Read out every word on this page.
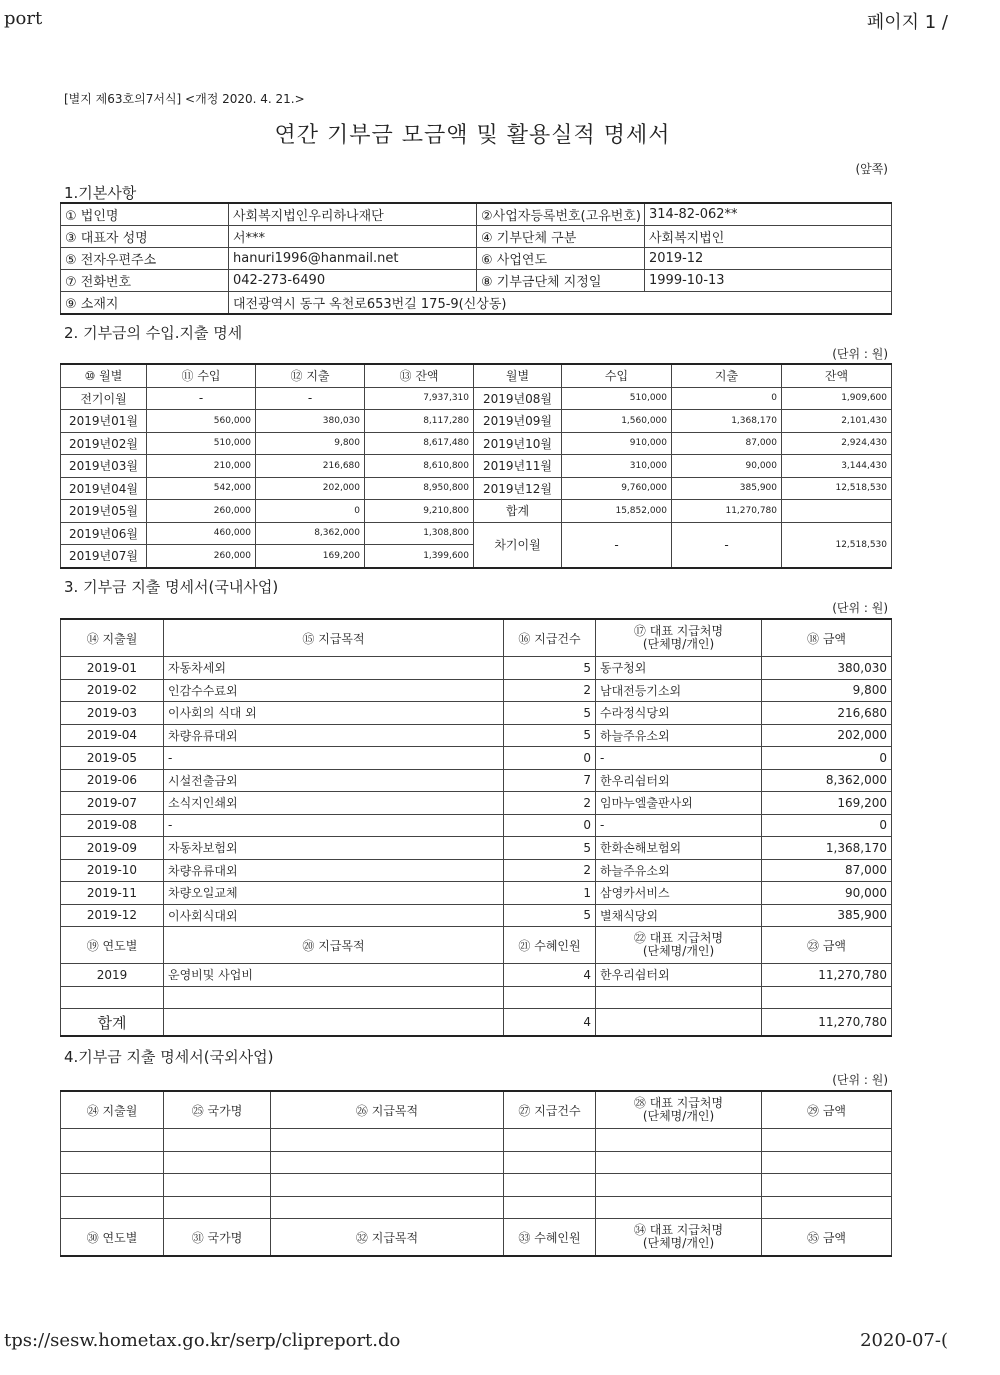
port	페이지 1 /
[별지 제63호의7서식] <개정 2020. 4. 21.>
연간 기부금 모금액 및 활용실적 명세서
(앞쪽)
1.기본사항
① 법인명	사회복지법인우리하나재단	②사업자등록번호(고유번호)	314-82-062**
③ 대표자 성명	서***	④ 기부단체 구분	사회복지법인
⑤ 전자우편주소	hanuri1996@hanmail.net	⑥ 사업연도	2019-12
⑦ 전화번호	042-273-6490	⑧ 기부금단체 지정일	1999-10-13
⑨ 소재지	대전광역시 동구 옥천로653번길 175-9(신상동)		
2. 기부금의 수입.지출 명세
(단위 : 원)
⑩ 월별	⑪ 수입	⑫ 지출	⑬ 잔액	월별	수입	지출	잔액
전기이월	-	-	7,937,310	2019년08월	510,000	0	1,909,600
2019년01월	560,000	380,030	8,117,280	2019년09월	1,560,000	1,368,170	2,101,430
2019년02월	510,000	9,800	8,617,480	2019년10월	910,000	87,000	2,924,430
2019년03월	210,000	216,680	8,610,800	2019년11월	310,000	90,000	3,144,430
2019년04월	542,000	202,000	8,950,800	2019년12월	9,760,000	385,900	12,518,530
2019년05월	260,000	0	9,210,800	합계	15,852,000	11,270,780	
2019년06월	460,000	8,362,000	1,308,800	차기이월	-	-	12,518,530
2019년07월	260,000	169,200	1,399,600				
3. 기부금 지출 명세서(국내사업)
(단위 : 원)
⑭ 지출월	⑮ 지급목적	⑯ 지급건수	⑰ 대표 지급처명
(단체명/개인)	⑱ 금액
2019-01	자동차세외	5	동구청외	380,030
2019-02	인감수수료외	2	남대전등기소외	9,800
2019-03	이사회의 식대 외	5	수라정식당외	216,680
2019-04	차량유류대외	5	하늘주유소외	202,000
2019-05	-	0	-	0
2019-06	시설전출금외	7	한우리쉼터외	8,362,000
2019-07	소식지인쇄외	2	임마누엘출판사외	169,200
2019-08	-	0	-	0
2019-09	자동차보험외	5	한화손해보험외	1,368,170
2019-10	차량유류대외	2	하늘주유소외	87,000
2019-11	차량오일교체	1	삼영카서비스	90,000
2019-12	이사회식대외	5	별채식당외	385,900
⑲ 연도별	⑳ 지급목적	㉑ 수혜인원	㉒ 대표 지급처명
(단체명/개인)	㉓ 금액
2019	운영비및 사업비	4	한우리쉼터외	11,270,780

합계		4		11,270,780
4.기부금 지출 명세서(국외사업)
(단위 : 원)
㉔ 지출월	㉕ 국가명	㉖ 지급목적	㉗ 지급건수	㉘ 대표 지급처명
(단체명/개인)	㉙ 금액

㉚ 연도별	㉛ 국가명	㉜ 지급목적	㉝ 수혜인원	㉞ 대표 지급처명
(단체명/개인)	㉟ 금액
tps://sesw.hometax.go.kr/serp/clipreport.do	2020-07-(
